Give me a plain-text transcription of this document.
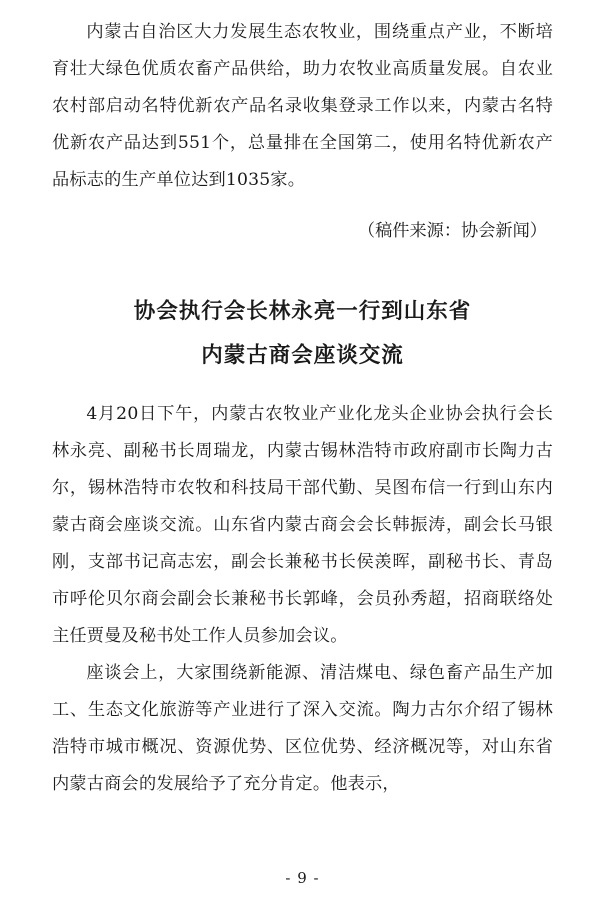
内蒙古自治区大力发展生态农牧业，围绕重点产业，不断培育壮大绿色优质农畜产品供给，助力农牧业高质量发展。自农业农村部启动名特优新农产品名录收集登录工作以来，内蒙古名特优新农产品达到551个，总量排在全国第二，使用名特优新农产品标志的生产单位达到1035家。

（稿件来源：协会新闻）

协会执行会长林永亮一行到山东省
内蒙古商会座谈交流

4月20日下午，内蒙古农牧业产业化龙头企业协会执行会长林永亮、副秘书长周瑞龙，内蒙古锡林浩特市政府副市长陶力古尔，锡林浩特市农牧和科技局干部代勤、吴图布信一行到山东内蒙古商会座谈交流。山东省内蒙古商会会长韩振涛，副会长马银刚，支部书记高志宏，副会长兼秘书长侯羡晖，副秘书长、青岛市呼伦贝尔商会副会长兼秘书长郭峰，会员孙秀超，招商联络处主任贾曼及秘书处工作人员参加会议。

座谈会上，大家围绕新能源、清洁煤电、绿色畜产品生产加工、生态文化旅游等产业进行了深入交流。陶力古尔介绍了锡林浩特市城市概况、资源优势、区位优势、经济概况等，对山东省内蒙古商会的发展给予了充分肯定。他表示，

- 9 -
